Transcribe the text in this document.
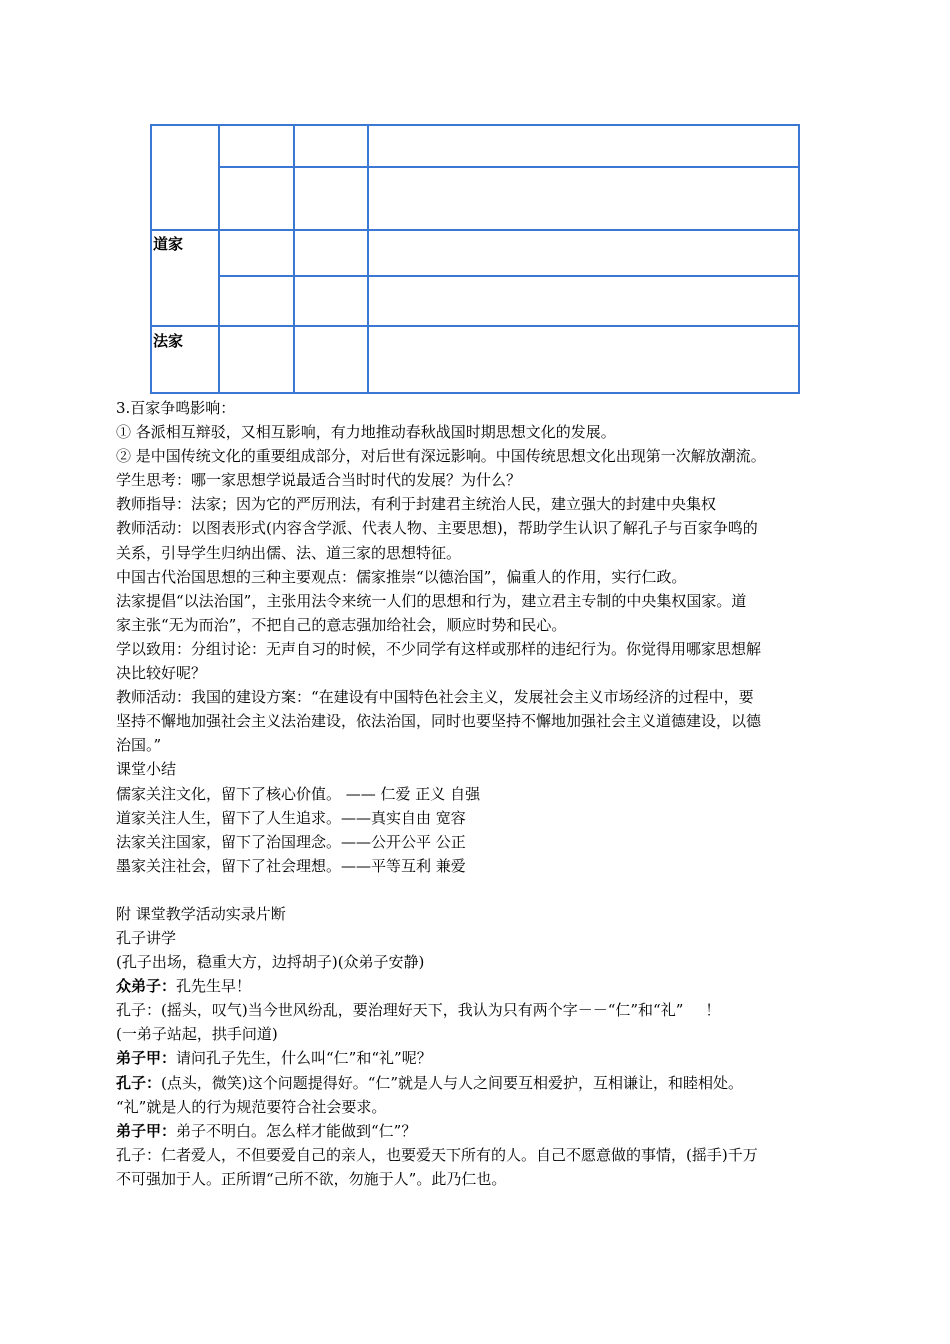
道家
法家
3.百家争鸣影响：
① 各派相互辩驳，又相互影响，有力地推动春秋战国时期思想文化的发展。
② 是中国传统文化的重要组成部分，对后世有深远影响。中国传统思想文化出现第一次解放潮流。
学生思考：哪一家思想学说最适合当时时代的发展？为什么？
教师指导：法家；因为它的严厉刑法，有利于封建君主统治人民，建立强大的封建中央集权
教师活动：以图表形式(内容含学派、代表人物、主要思想)，帮助学生认识了解孔子与百家争鸣的
关系，引导学生归纳出儒、法、道三家的思想特征。
中国古代治国思想的三种主要观点：儒家推崇“以德治国”，偏重人的作用，实行仁政。
法家提倡“以法治国”，主张用法令来统一人们的思想和行为，建立君主专制的中央集权国家。道
家主张“无为而治”，不把自己的意志强加给社会，顺应时势和民心。
学以致用：分组讨论：无声自习的时候，不少同学有这样或那样的违纪行为。你觉得用哪家思想解
决比较好呢？
教师活动：我国的建设方案：“在建设有中国特色社会主义，发展社会主义市场经济的过程中，要
坚持不懈地加强社会主义法治建设，依法治国，同时也要坚持不懈地加强社会主义道德建设，以德
治国。”
课堂小结
儒家关注文化，留下了核心价值。 —— 仁爱 正义 自强
道家关注人生，留下了人生追求。——真实自由 宽容
法家关注国家，留下了治国理念。——公开公平 公正
墨家关注社会，留下了社会理想。——平等互利 兼爱
附 课堂教学活动实录片断
孔子讲学
(孔子出场，稳重大方，边捋胡子)(众弟子安静)
众弟子：孔先生早！
孔子：(摇头，叹气)当今世风纷乱，要治理好天下，我认为只有两个字－－“仁”和“礼” ！
(一弟子站起，拱手问道)
弟子甲：请问孔子先生，什么叫“仁”和“礼”呢？
孔子：(点头，微笑)这个问题提得好。“仁”就是人与人之间要互相爱护，互相谦让，和睦相处。
“礼”就是人的行为规范要符合社会要求。
弟子甲：弟子不明白。怎么样才能做到“仁”？
孔子：仁者爱人，不但要爱自己的亲人，也要爱天下所有的人。自己不愿意做的事情，(摇手)千万
不可强加于人。正所谓“己所不欲，勿施于人”。此乃仁也。
